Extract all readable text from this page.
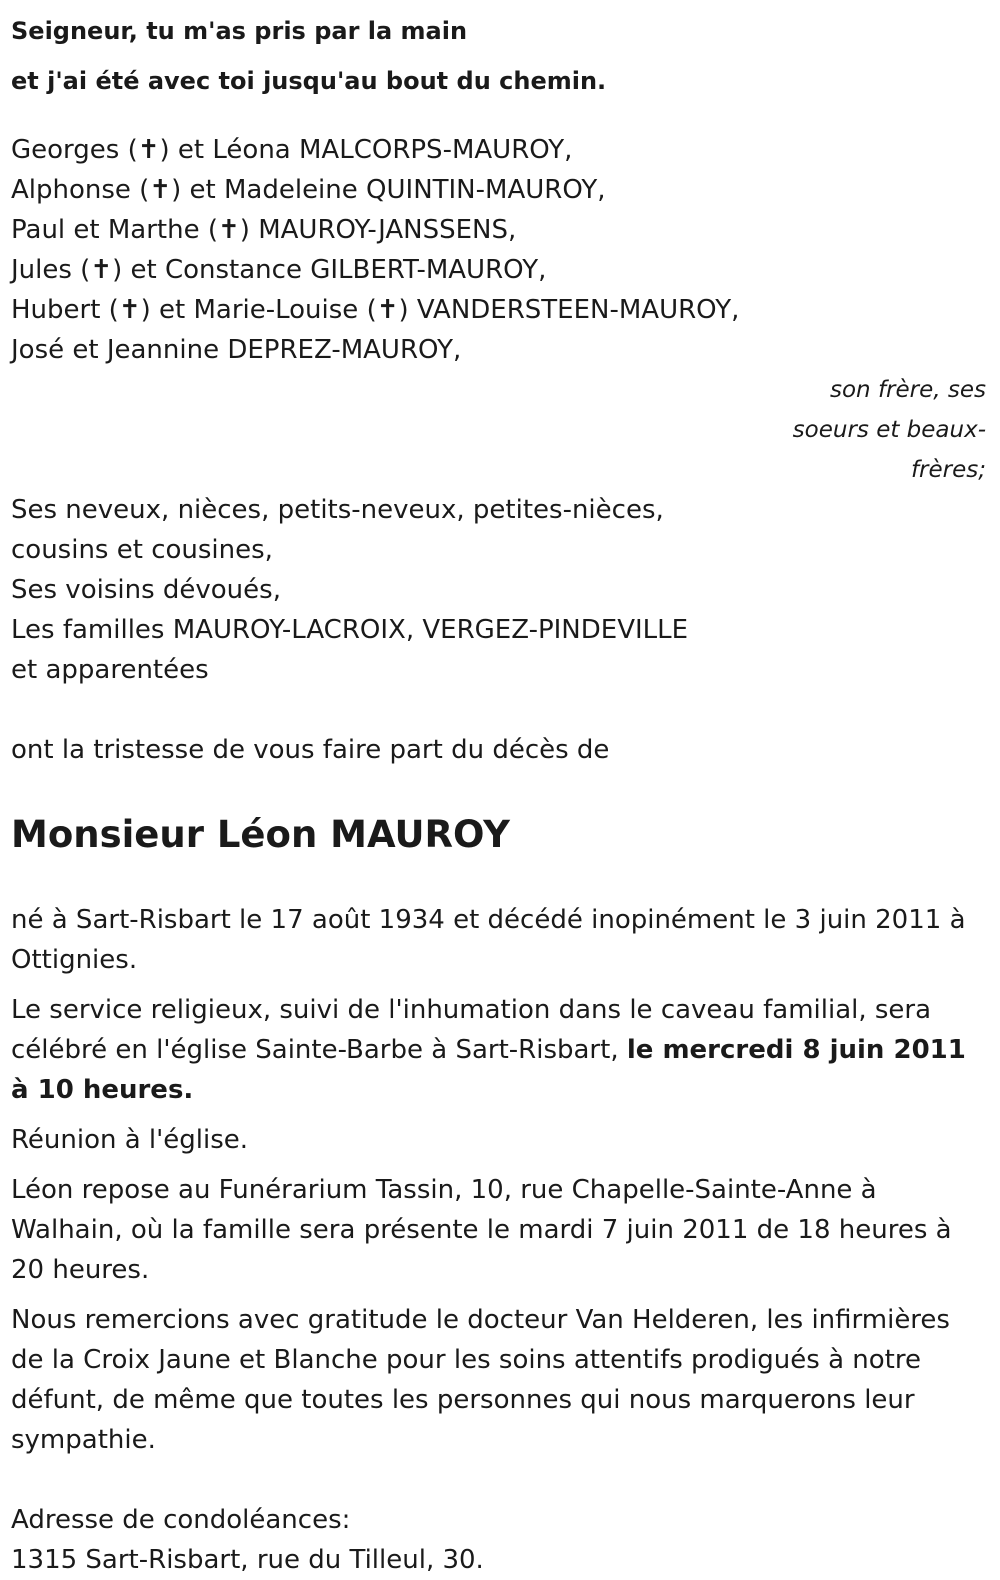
Seigneur, tu m'as pris par la main
et j'ai été avec toi jusqu'au bout du chemin.
Georges (✝) et Léona MALCORPS-MAUROY,
Alphonse (✝) et Madeleine QUINTIN-MAUROY,
Paul et Marthe (✝) MAUROY-JANSSENS,
Jules (✝) et Constance GILBERT-MAUROY,
Hubert (✝) et Marie-Louise (✝) VANDERSTEEN-MAUROY,
José et Jeannine DEPREZ-MAUROY,
son frère, ses
soeurs et beaux-
frères;
Ses neveux, nièces, petits-neveux, petites-nièces,
cousins et cousines,
Ses voisins dévoués,
Les familles MAUROY-LACROIX, VERGEZ-PINDEVILLE
et apparentées
ont la tristesse de vous faire part du décès de
Monsieur Léon MAUROY

né à Sart-Risbart le 17 août 1934 et décédé inopinément le 3 juin 2011 à Ottignies.

Le service religieux, suivi de l'inhumation dans le caveau familial, sera célébré en l'église Sainte-Barbe à Sart-Risbart, le mercredi 8 juin 2011 à 10 heures.

Réunion à l'église.

Léon repose au Funérarium Tassin, 10, rue Chapelle-Sainte-Anne à Walhain, où la famille sera présente le mardi 7 juin 2011 de 18 heures à 20 heures.

Nous remercions avec gratitude le docteur Van Helderen, les infirmières de la Croix Jaune et Blanche pour les soins attentifs prodigués à notre défunt, de même que toutes les personnes qui nous marquerons leur sympathie.

Adresse de condoléances:
1315 Sart-Risbart, rue du Tilleul, 30.
